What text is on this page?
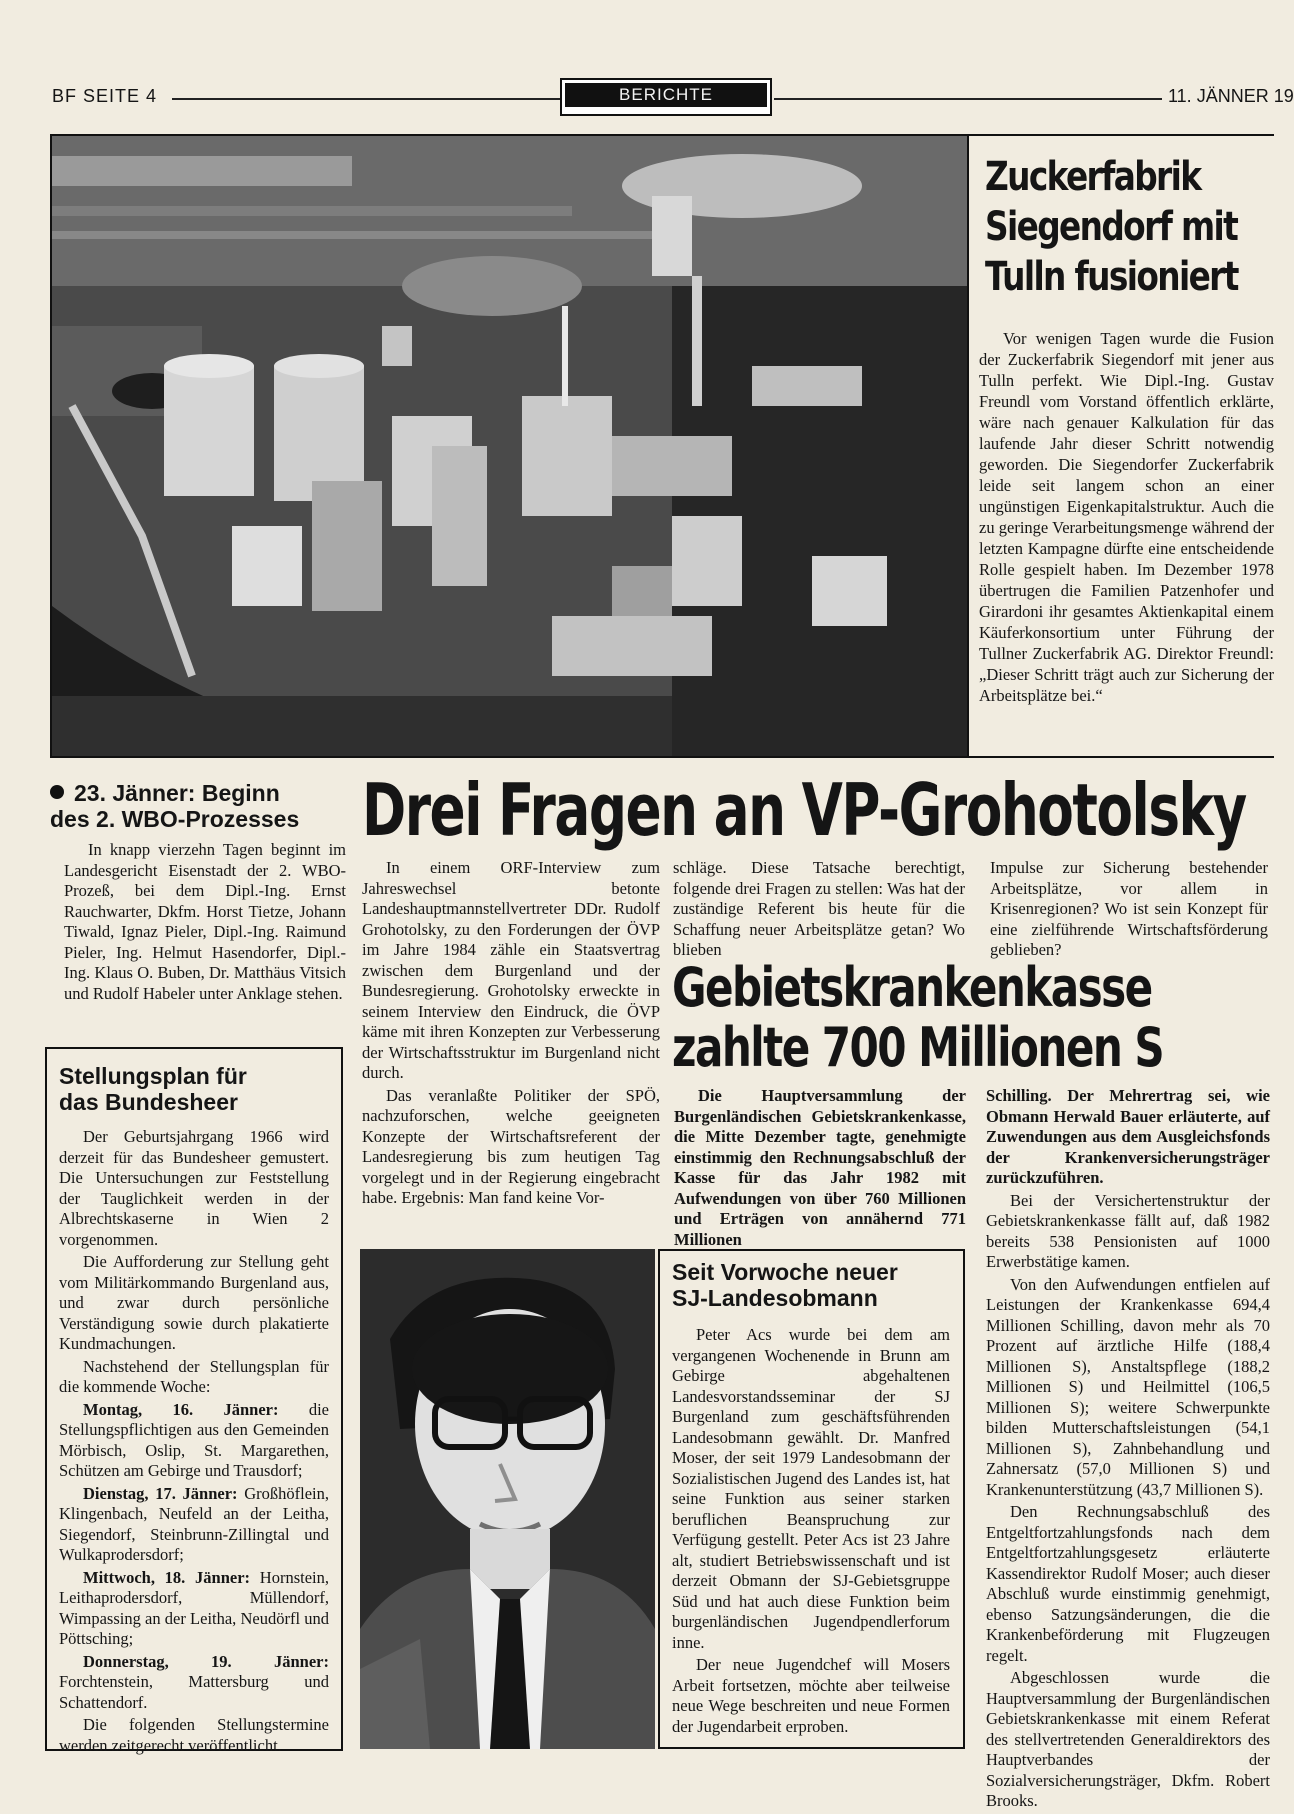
BF SEITE 4	BERICHTE	11. JÄNNER 19
Zuckerfabrik
Siegendorf mit
Tulln fusioniert
Vor wenigen Tagen wurde die Fusion der Zuckerfabrik Siegendorf mit jener aus Tulln perfekt. Wie Dipl.-Ing. Gustav Freundl vom Vorstand öffentlich erklärte, wäre nach genauer Kalkulation für das laufende Jahr dieser Schritt notwendig geworden. Die Siegendorfer Zuckerfabrik leide seit langem schon an einer ungünstigen Eigenkapitalstruktur. Auch die zu geringe Verarbeitungsmenge während der letzten Kampagne dürfte eine entscheidende Rolle gespielt haben. Im Dezember 1978 übertrugen die Familien Patzenhofer und Girardoni ihr gesamtes Aktienkapital einem Käuferkonsortium unter Führung der Tullner Zuckerfabrik AG. Direktor Freundl: „Dieser Schritt trägt auch zur Sicherung der Arbeitsplätze bei.“
23. Jänner: Beginn
des 2. WBO-Prozesses
In knapp vierzehn Tagen beginnt im Landesgericht Eisenstadt der 2. WBO-Prozeß, bei dem Dipl.-Ing. Ernst Rauchwarter, Dkfm. Horst Tietze, Johann Tiwald, Ignaz Pieler, Dipl.-Ing. Raimund Pieler, Ing. Helmut Hasendorfer, Dipl.-Ing. Klaus O. Buben, Dr. Matthäus Vitsich und Rudolf Habeler unter Anklage stehen.
Stellungsplan für
das Bundesheer

Der Geburtsjahrgang 1966 wird derzeit für das Bundesheer gemustert. Die Untersuchungen zur Feststellung der Tauglichkeit werden in der Albrechtskaserne in Wien 2 vorgenommen.

Die Aufforderung zur Stellung geht vom Militärkommando Burgenland aus, und zwar durch persönliche Verständigung sowie durch plakatierte Kundmachungen.

Nachstehend der Stellungsplan für die kommende Woche:

Montag, 16. Jänner: die Stellungspflichtigen aus den Gemeinden Mörbisch, Oslip, St. Margarethen, Schützen am Gebirge und Trausdorf;

Dienstag, 17. Jänner: Großhöflein, Klingenbach, Neufeld an der Leitha, Siegendorf, Steinbrunn-Zillingtal und Wulkaprodersdorf;

Mittwoch, 18. Jänner: Hornstein, Leithaprodersdorf, Müllendorf, Wimpassing an der Leitha, Neudörfl und Pöttsching;

Donnerstag, 19. Jänner: Forchtenstein, Mattersburg und Schattendorf.

Die folgenden Stellungstermine werden zeitgerecht veröffentlicht.

Drei Fragen an VP-Grohotolsky

In einem ORF-Interview zum Jahreswechsel betonte Landeshauptmannstellvertreter DDr. Rudolf Grohotolsky, zu den Forderungen der ÖVP im Jahre 1984 zähle ein Staatsvertrag zwischen dem Burgenland und der Bundesregierung. Grohotolsky erweckte in seinem Interview den Eindruck, die ÖVP käme mit ihren Konzepten zur Verbesserung der Wirtschaftsstruktur im Burgenland nicht durch.

Das veranlaßte Politiker der SPÖ, nachzuforschen, welche geeigneten Konzepte der Wirtschaftsreferent der Landesregierung bis zum heutigen Tag vorgelegt und in der Regierung eingebracht habe. Ergebnis: Man fand keine Vor-

schläge. Diese Tatsache berechtigt, folgende drei Fragen zu stellen: Was hat der zuständige Referent bis heute für die Schaffung neuer Arbeitsplätze getan? Wo blieben
Impulse zur Sicherung bestehender Arbeitsplätze, vor allem in Krisenregionen? Wo ist sein Konzept für eine zielführende Wirtschaftsförderung geblieben?
Gebietskrankenkasse
zahlte 700 Millionen S
Die Hauptversammlung der Burgenländischen Gebietskrankenkasse, die Mitte Dezember tagte, genehmigte einstimmig den Rechnungsabschluß der Kasse für das Jahr 1982 mit Aufwendungen von über 760 Millionen und Erträgen von annähernd 771 Millionen

Schilling. Der Mehrertrag sei, wie Obmann Herwald Bauer erläuterte, auf Zuwendungen aus dem Ausgleichsfonds der Krankenversicherungsträger zurückzuführen.

Bei der Versichertenstruktur der Gebietskrankenkasse fällt auf, daß 1982 bereits 538 Pensionisten auf 1000 Erwerbstätige kamen.

Von den Aufwendungen entfielen auf Leistungen der Krankenkasse 694,4 Millionen Schilling, davon mehr als 70 Prozent auf ärztliche Hilfe (188,4 Millionen S), Anstaltspflege (188,2 Millionen S) und Heilmittel (106,5 Millionen S); weitere Schwerpunkte bilden Mutterschaftsleistungen (54,1 Millionen S), Zahnbehandlung und Zahnersatz (57,0 Millionen S) und Krankenunterstützung (43,7 Millionen S).

Den Rechnungsabschluß des Entgeltfortzahlungsfonds nach dem Entgeltfortzahlungsgesetz erläuterte Kassendirektor Rudolf Moser; auch dieser Abschluß wurde einstimmig genehmigt, ebenso Satzungsänderungen, die die Krankenbeförderung mit Flugzeugen regelt.

Abgeschlossen wurde die Hauptversammlung der Burgenländischen Gebietskrankenkasse mit einem Referat des stellvertretenden Generaldirektors des Hauptverbandes der Sozialversicherungsträger, Dkfm. Robert Brooks.

Seit Vorwoche neuer
SJ-Landesobmann

Peter Acs wurde bei dem am vergangenen Wochenende in Brunn am Gebirge abgehaltenen Landesvorstandsseminar der SJ Burgenland zum geschäftsführenden Landesobmann gewählt. Dr. Manfred Moser, der seit 1979 Landesobmann der Sozialistischen Jugend des Landes ist, hat seine Funktion aus seiner starken beruflichen Beanspruchung zur Verfügung gestellt. Peter Acs ist 23 Jahre alt, studiert Betriebswissenschaft und ist derzeit Obmann der SJ-Gebietsgruppe Süd und hat auch diese Funktion beim burgenländischen Jugendpendlerforum inne.

Der neue Jugendchef will Mosers Arbeit fortsetzen, möchte aber teilweise neue Wege beschreiten und neue Formen der Jugendarbeit erproben.
